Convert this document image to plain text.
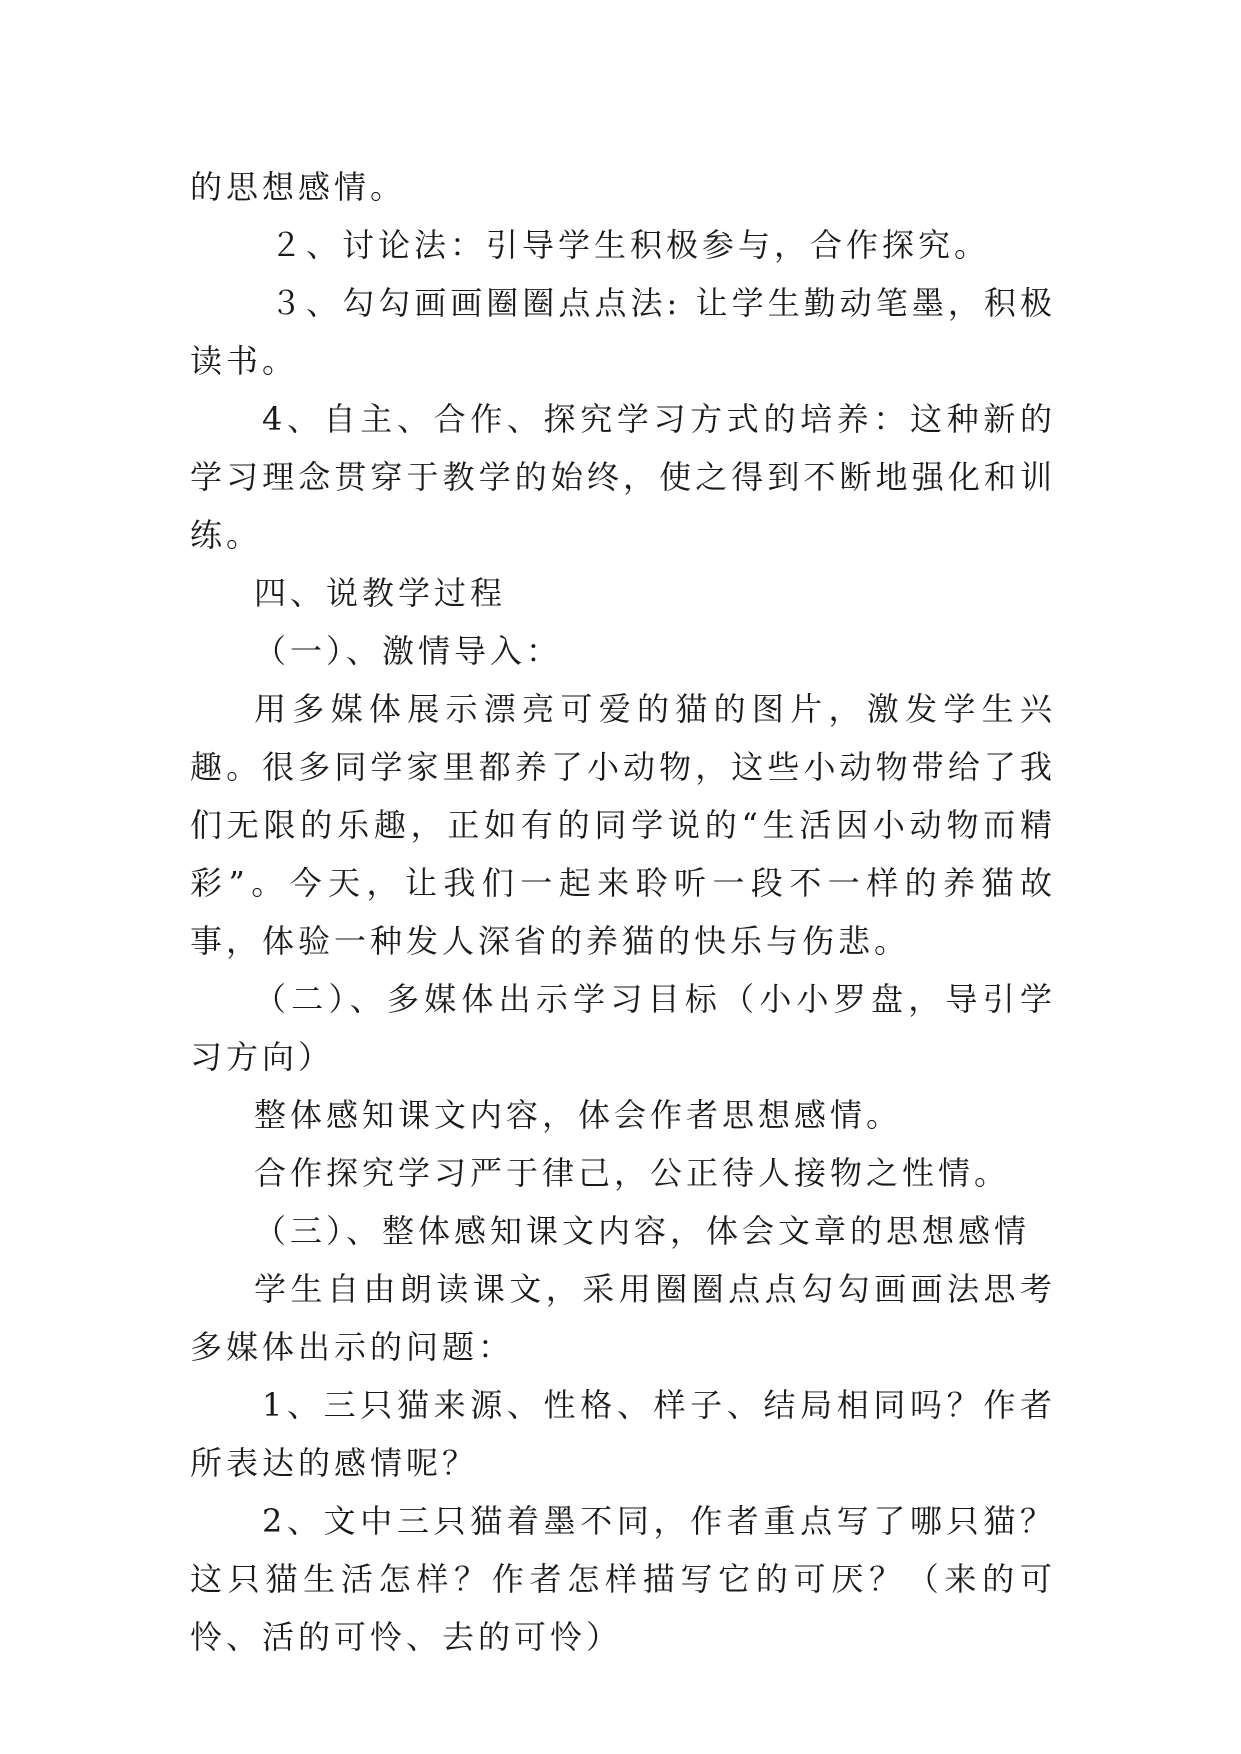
的思想感情。

２、讨论法：引导学生积极参与，合作探究。

３、勾勾画画圈圈点点法: 让学生勤动笔墨，积极读书。

4、自主、合作、探究学习方式的培养：这种新的学习理念贯穿于教学的始终，使之得到不断地强化和训练。

四、说教学过程

（一）、激情导入：

用多媒体展示漂亮可爱的猫的图片，激发学生兴趣。很多同学家里都养了小动物，这些小动物带给了我们无限的乐趣，正如有的同学说的“生活因小动物而精彩”。今天，让我们一起来聆听一段不一样的养猫故事，体验一种发人深省的养猫的快乐与伤悲。

（二）、多媒体出示学习目标（小小罗盘，导引学习方向）

整体感知课文内容，体会作者思想感情。

合作探究学习严于律己，公正待人接物之性情。

（三）、整体感知课文内容，体会文章的思想感情

学生自由朗读课文，采用圈圈点点勾勾画画法思考多媒体出示的问题：

1、三只猫来源、性格、样子、结局相同吗？作者所表达的感情呢？

2、文中三只猫着墨不同，作者重点写了哪只猫？这只猫生活怎样？作者怎样描写它的可厌？（来的可怜、活的可怜、去的可怜）
